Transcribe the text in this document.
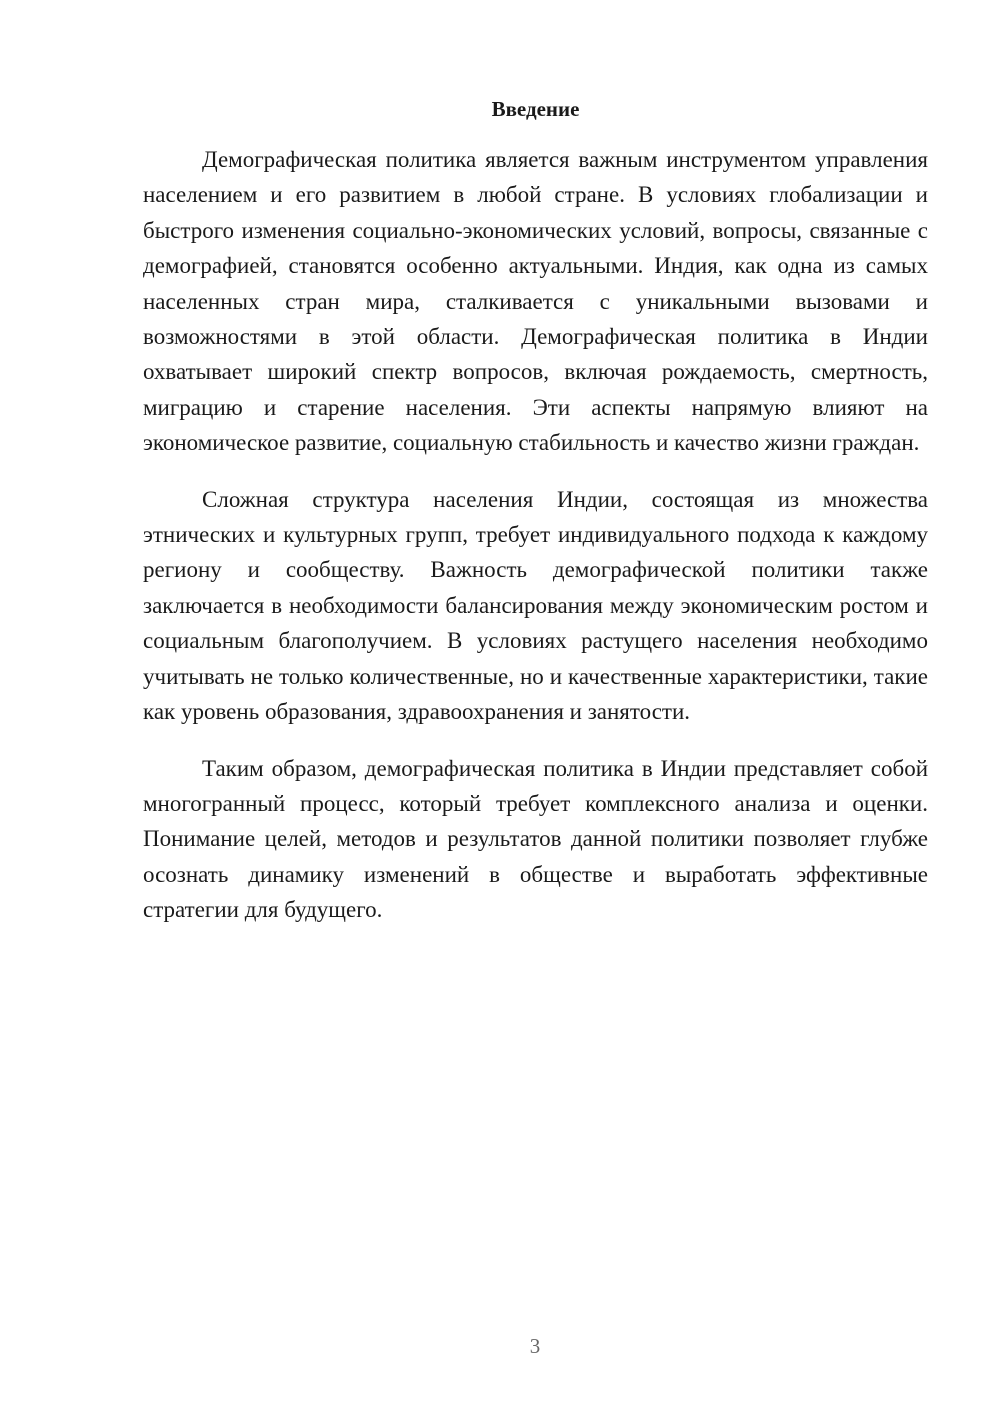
Введение

Демографическая политика является важным инструментом управления населением и его развитием в любой стране. В условиях глобализации и быстрого изменения социально-экономических условий, вопросы, связанные с демографией, становятся особенно актуальными. Индия, как одна из самых населенных стран мира, сталкивается с уникальными вызовами и возможностями в этой области. Демографическая политика в Индии охватывает широкий спектр вопросов, включая рождаемость, смертность, миграцию и старение населения. Эти аспекты напрямую влияют на экономическое развитие, социальную стабильность и качество жизни граждан.

Сложная структура населения Индии, состоящая из множества этнических и культурных групп, требует индивидуального подхода к каждому региону и сообществу. Важность демографической политики также заключается в необходимости балансирования между экономическим ростом и социальным благополучием. В условиях растущего населения необходимо учитывать не только количественные, но и качественные характеристики, такие как уровень образования, здравоохранения и занятости.

Таким образом, демографическая политика в Индии представляет собой многогранный процесс, который требует комплексного анализа и оценки. Понимание целей, методов и результатов данной политики позволяет глубже осознать динамику изменений в обществе и выработать эффективные стратегии для будущего.

3
